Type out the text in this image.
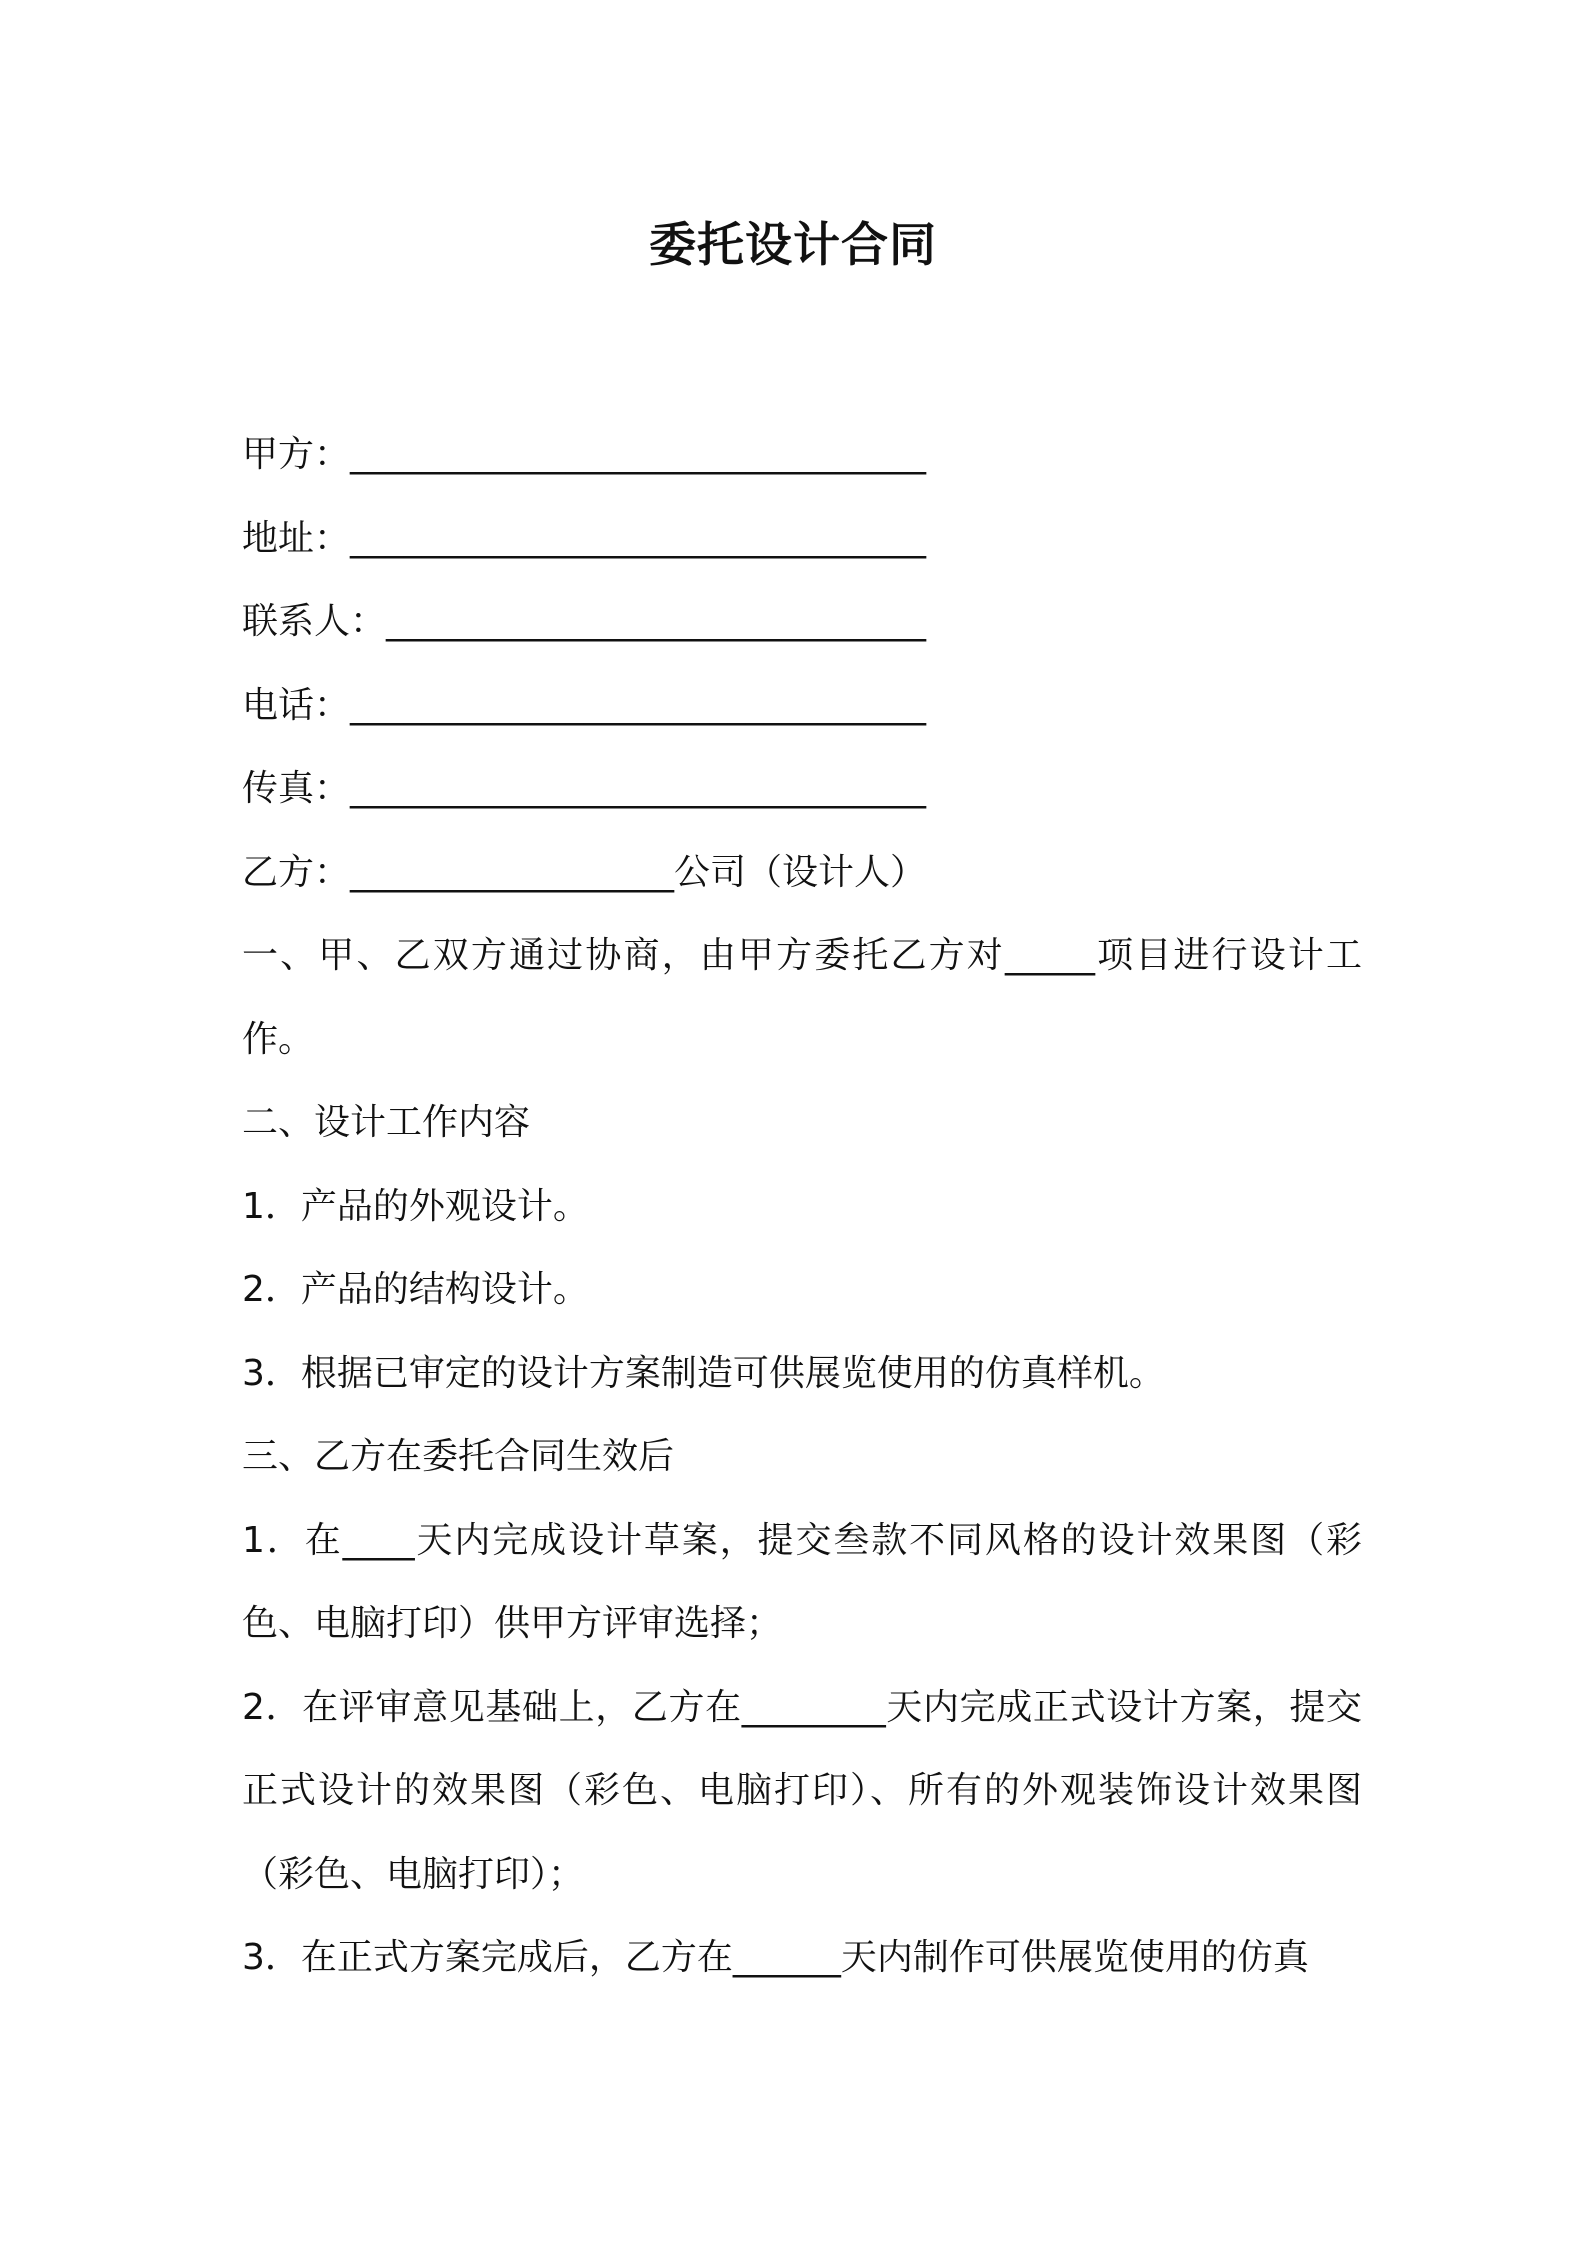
委托设计合同

甲方：________________________________

地址：________________________________

联系人：______________________________

电话：________________________________

传真：________________________________

乙方：__________________公司（设计人）

一、甲、乙双方通过协商，由甲方委托乙方对_____项目进行设计工作。

二、设计工作内容

1．产品的外观设计。

2．产品的结构设计。

3．根据已审定的设计方案制造可供展览使用的仿真样机。

三、乙方在委托合同生效后

1．在____天内完成设计草案，提交叁款不同风格的设计效果图（彩色、电脑打印）供甲方评审选择；

2．在评审意见基础上，乙方在________天内完成正式设计方案，提交正式设计的效果图（彩色、电脑打印）、所有的外观装饰设计效果图（彩色、电脑打印）；

3．在正式方案完成后，乙方在______天内制作可供展览使用的仿真
